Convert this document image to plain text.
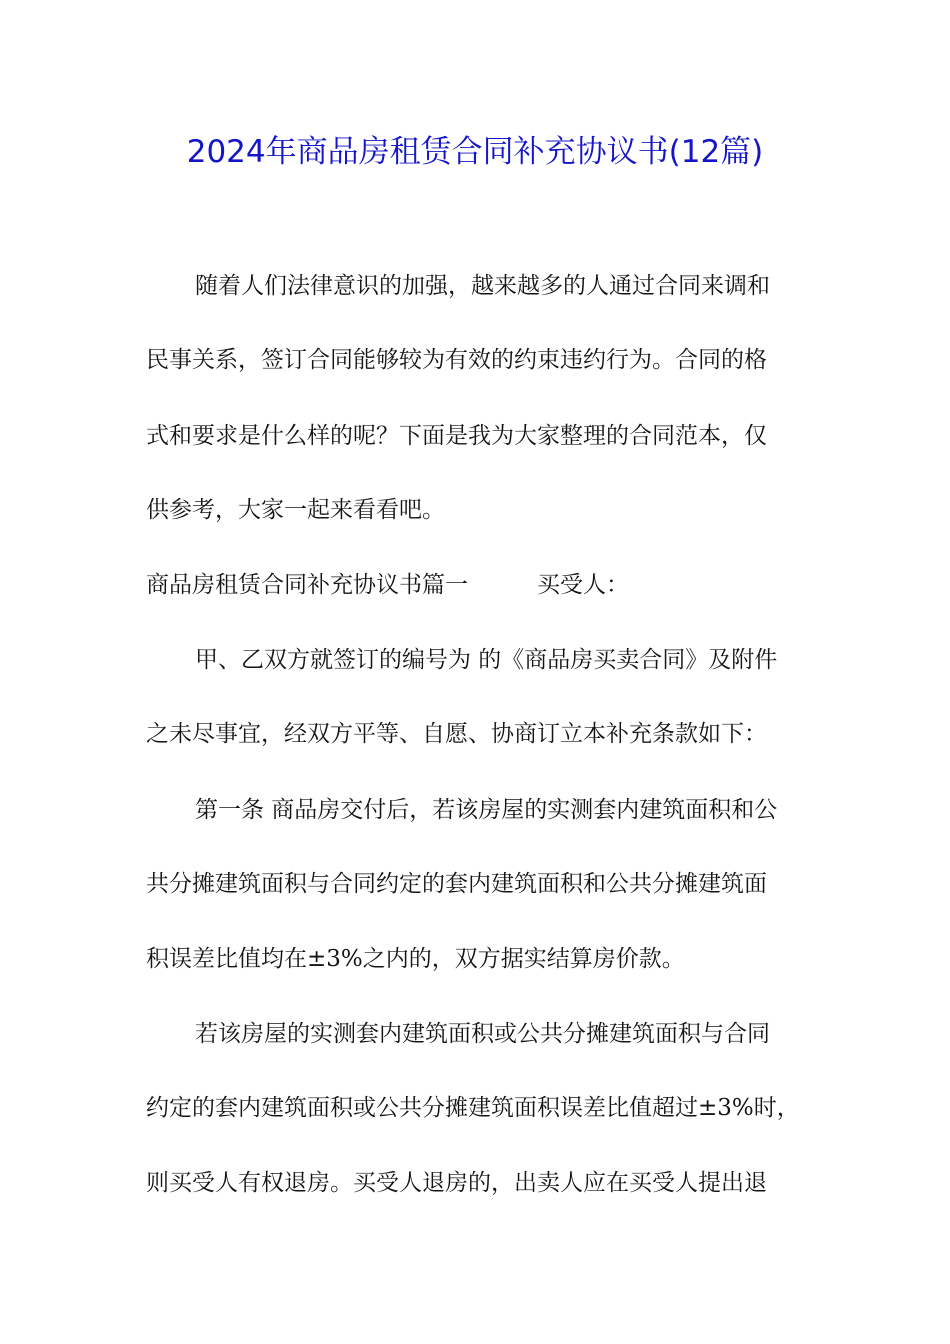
2024年商品房租赁合同补充协议书(12篇)
随着人们法律意识的加强，越来越多的人通过合同来调和
民事关系，签订合同能够较为有效的约束违约行为。合同的格
式和要求是什么样的呢？下面是我为大家整理的合同范本，仅
供参考，大家一起来看看吧。
商品房租赁合同补充协议书篇一　　　买受人：
甲、乙双方就签订的编号为 的《商品房买卖合同》及附件
之未尽事宜，经双方平等、自愿、协商订立本补充条款如下：
第一条 商品房交付后，若该房屋的实测套内建筑面积和公
共分摊建筑面积与合同约定的套内建筑面积和公共分摊建筑面
积误差比值均在±3%之内的，双方据实结算房价款。
若该房屋的实测套内建筑面积或公共分摊建筑面积与合同
约定的套内建筑面积或公共分摊建筑面积误差比值超过±3%时，
则买受人有权退房。买受人退房的，出卖人应在买受人提出退
